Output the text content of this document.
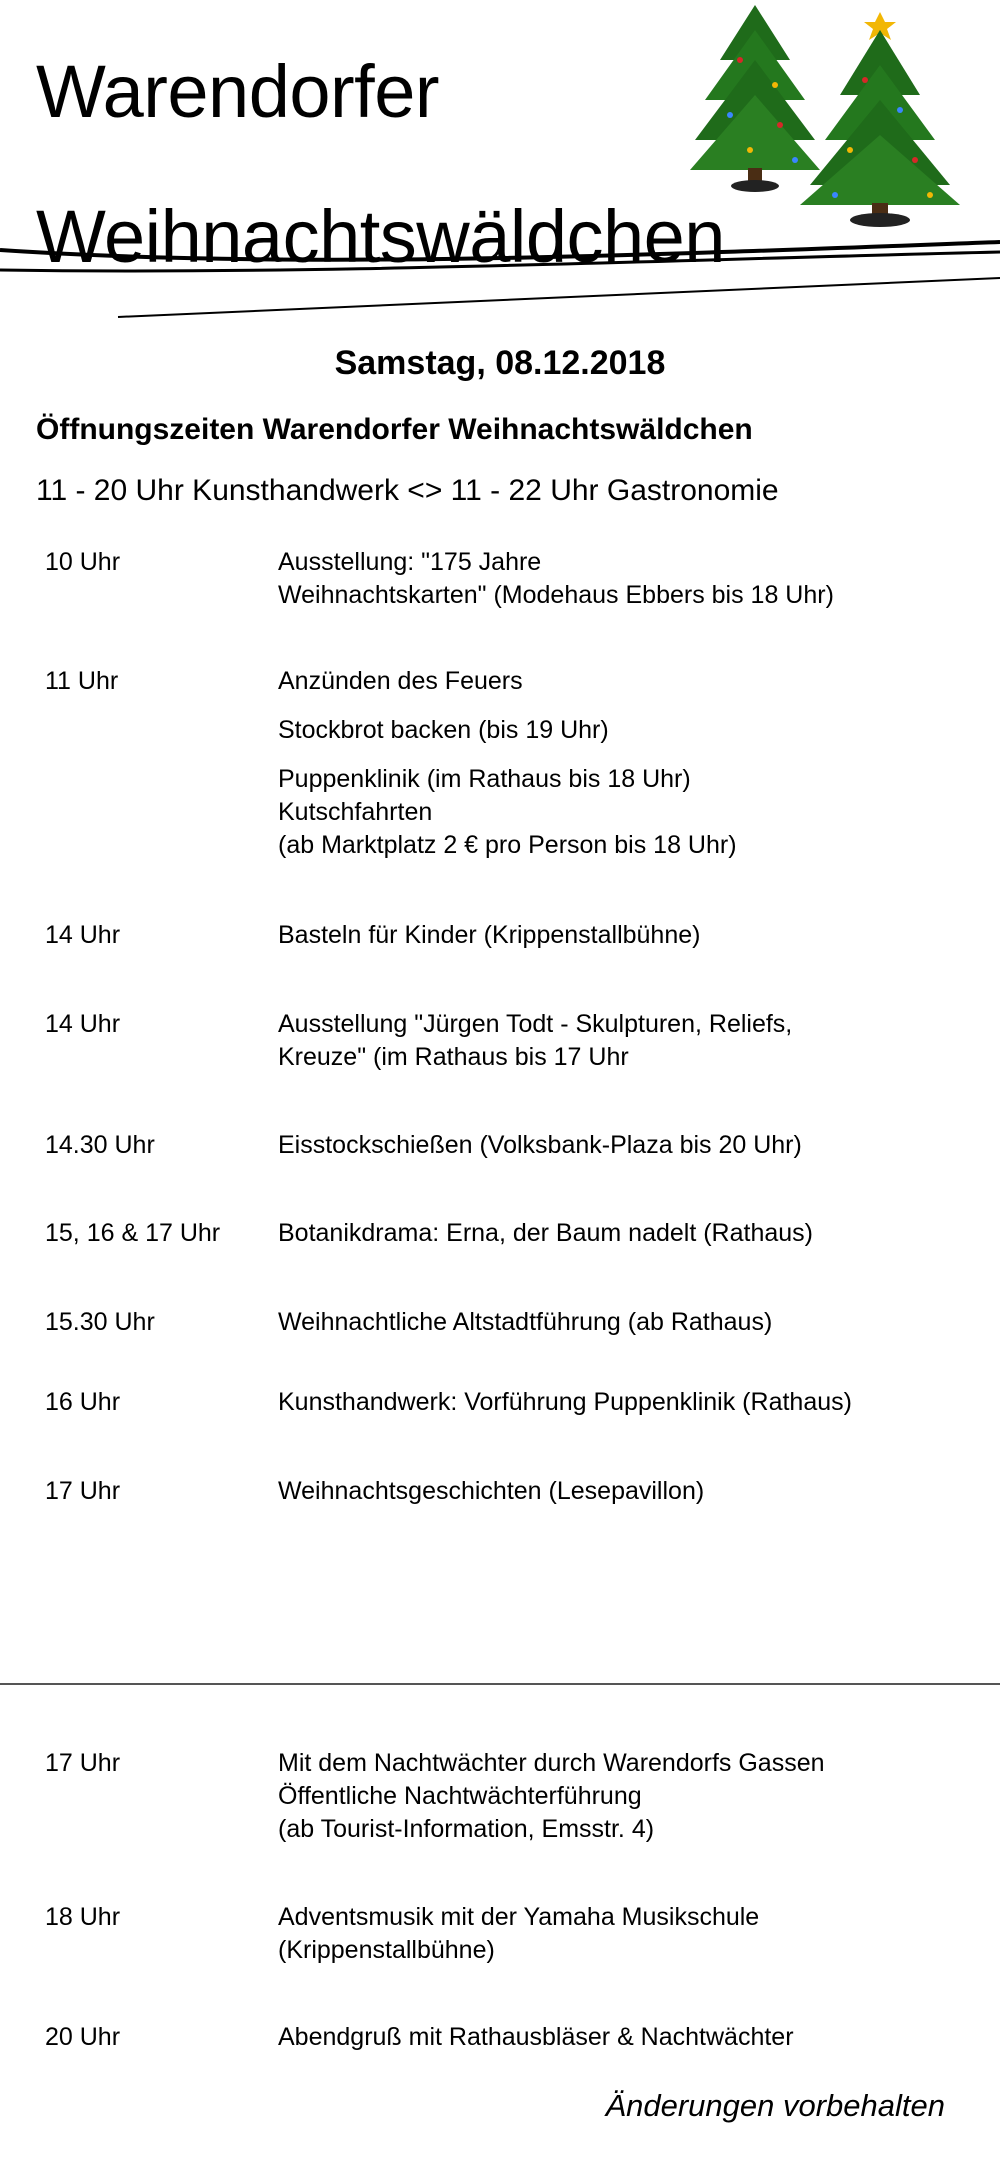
Warendorfer
Weihnachtswäldchen
Samstag, 08.12.2018
Öffnungszeiten Warendorfer Weihnachtswäldchen

11 - 20 Uhr Kunsthandwerk <> 11 - 22 Uhr Gastronomie

10 Uhr	Ausstellung: "175 Jahre
Weihnachtskarten" (Modehaus Ebbers bis 18 Uhr)
11 Uhr	Anzünden des Feuers
Stockbrot backen (bis 19 Uhr)
Puppenklinik (im Rathaus bis 18 Uhr)
Kutschfahrten
(ab Marktplatz 2 € pro Person bis 18 Uhr)
14 Uhr	Basteln für Kinder (Krippenstallbühne)
14 Uhr	Ausstellung "Jürgen Todt - Skulpturen, Reliefs,
Kreuze" (im Rathaus bis 17 Uhr
14.30 Uhr	Eisstockschießen (Volksbank-Plaza bis 20 Uhr)
15, 16 & 17 Uhr Botanikdrama: Erna, der Baum nadelt (Rathaus)
15.30 Uhr	Weihnachtliche Altstadtführung (ab Rathaus)
16 Uhr	Kunsthandwerk: Vorführung Puppenklinik (Rathaus)
17 Uhr	Weihnachtsgeschichten (Lesepavillon)
17 Uhr	Mit dem Nachtwächter durch Warendorfs Gassen
Öffentliche Nachtwächterführung
(ab Tourist-Information, Emsstr. 4)
18 Uhr	Adventsmusik mit der Yamaha Musikschule
(Krippenstallbühne)
20 Uhr	Abendgruß mit Rathausbläser & Nachtwächter

Änderungen vorbehalten
